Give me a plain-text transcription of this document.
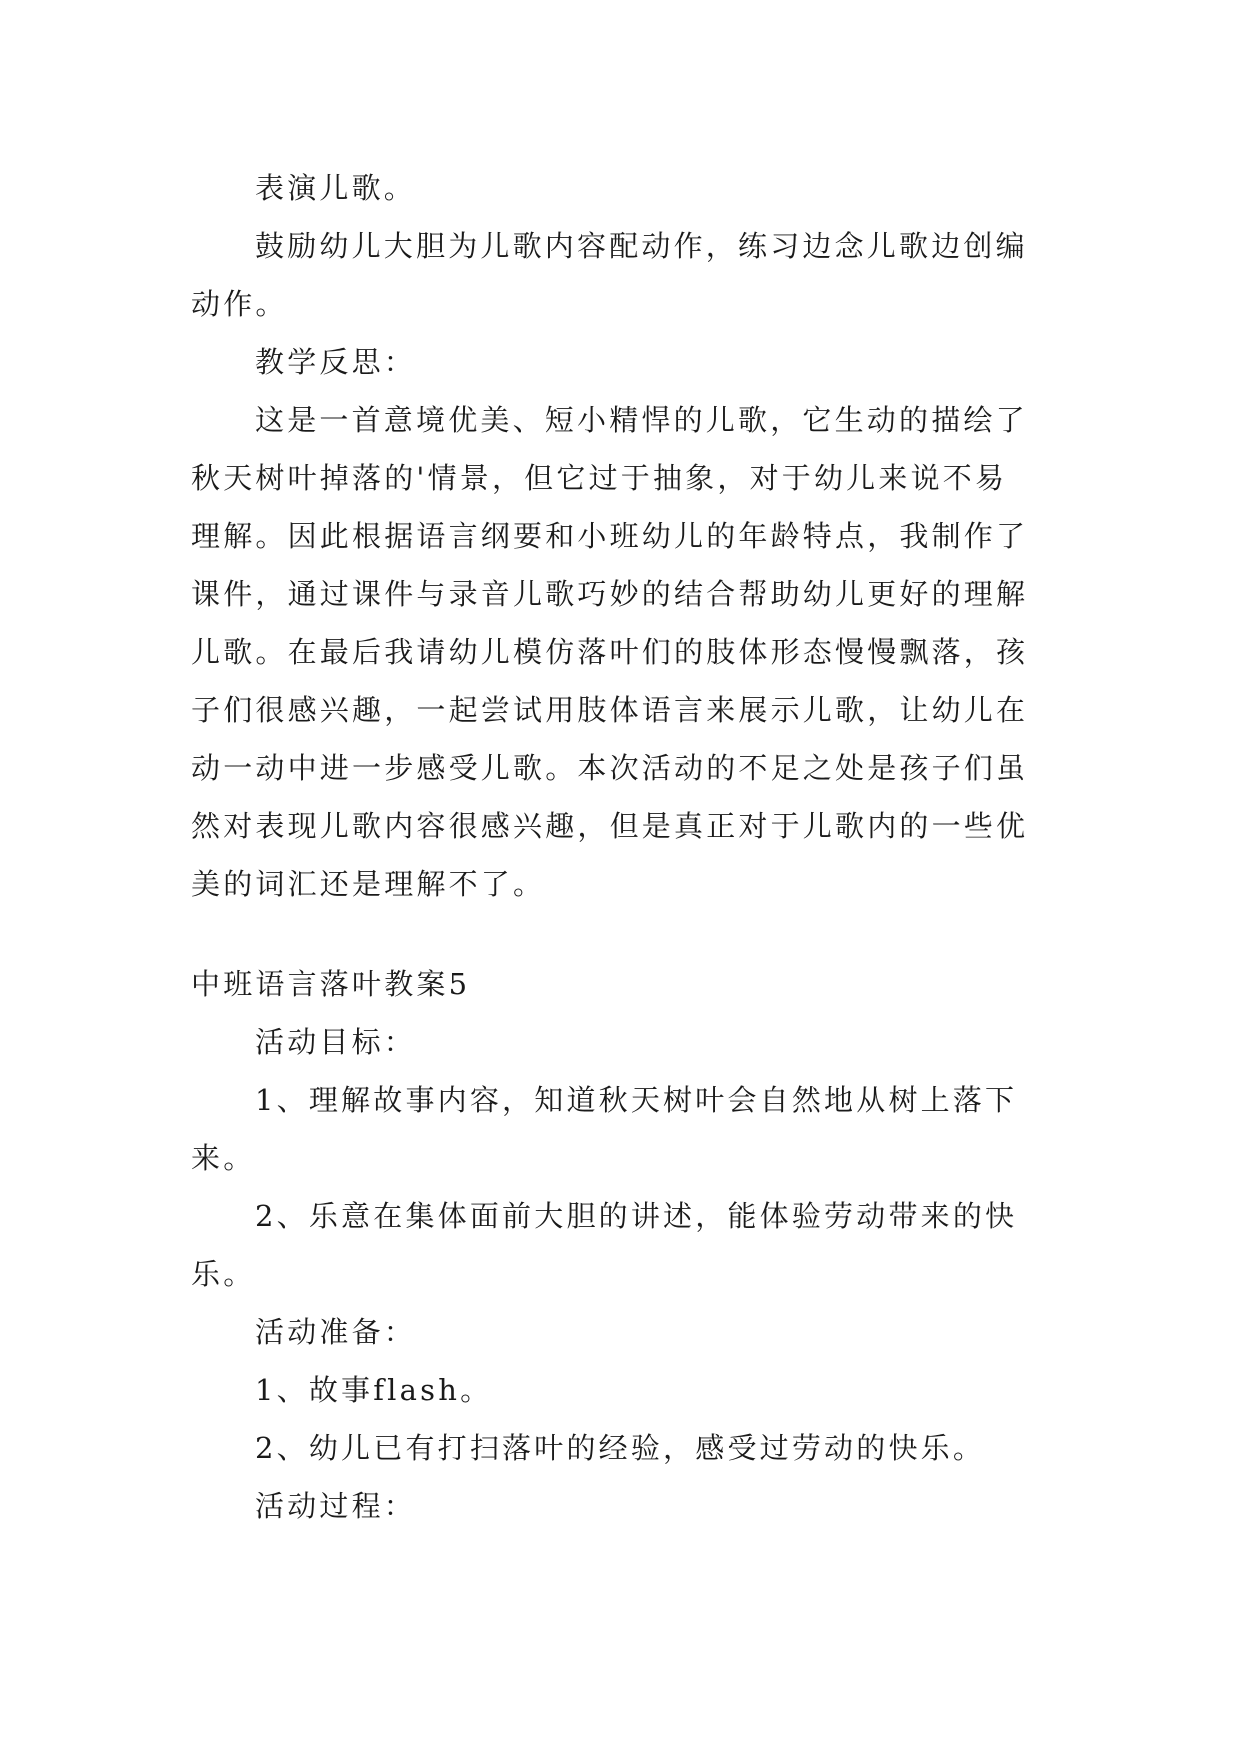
表演儿歌。
鼓励幼儿大胆为儿歌内容配动作，练习边念儿歌边创编
动作。
教学反思：
这是一首意境优美、短小精悍的儿歌，它生动的描绘了
秋天树叶掉落的'情景，但它过于抽象，对于幼儿来说不易
理解。因此根据语言纲要和小班幼儿的年龄特点，我制作了
课件，通过课件与录音儿歌巧妙的结合帮助幼儿更好的理解
儿歌。在最后我请幼儿模仿落叶们的肢体形态慢慢飘落，孩
子们很感兴趣，一起尝试用肢体语言来展示儿歌，让幼儿在
动一动中进一步感受儿歌。本次活动的不足之处是孩子们虽
然对表现儿歌内容很感兴趣，但是真正对于儿歌内的一些优
美的词汇还是理解不了。
中班语言落叶教案5
活动目标：
1、理解故事内容，知道秋天树叶会自然地从树上落下
来。
2、乐意在集体面前大胆的讲述，能体验劳动带来的快
乐。
活动准备：
1、故事flash。
2、幼儿已有打扫落叶的经验，感受过劳动的快乐。
活动过程：
